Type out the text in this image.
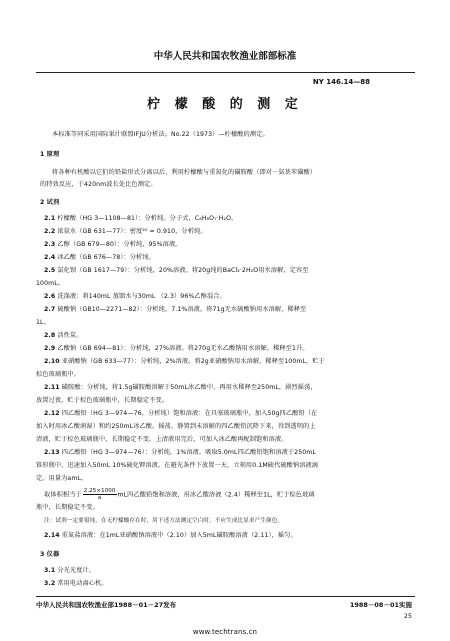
中华人民共和国农牧渔业部部标准
NY 146.14—88
柠 檬 酸 的 测 定
本标准等同采用国际果汁联盟IFJU分析法。No.22（1973）—柠檬酸的测定。
1 原理
将各种有机酸以它们的铅盐形式分离以后，利用柠檬酸与重氮化的磺胺酸（即对－氨基苯磺酸）
的特效反应，于420nm波长处比色测定。
2 试剂
2.1 柠檬酸（HG 3—1108—81）：分析纯。分子式，C₆H₈O₇·H₂O。
2.2 浓氨水（GB 631—77）：密度²⁰ = 0.910，分析纯。
2.3 乙醇（GB 679—80）：分析纯，95%溶液。
2.4 冰乙酸（GB 676—78）：分析纯。
2.5 氯化钡（GB 1617—79）：分析纯，20%溶液。将20g纯的BaCl₂·2H₂O用水溶解，定容至
100mL。
2.6 洗涤液：将140mL 蒸馏水与30mL （2.3）96%乙醇混合。
2.7 硫酸钠（GB10—2271—82）：分析纯，7.1%溶液。将71g无水硫酸钠用水溶解，稀释至
1L。
2.8 活性炭。
2.9 乙酸钠（GB 694—81）：分析纯，27%溶液。将270g无水乙酸钠用水溶解，稀释至1升。
2.10 亚硝酸钠（GB 633—77）：分析纯，2%溶液。将2g亚硝酸钠用水溶解，稀释至100mL，贮于
棕色玻璃瓶中。
2.11 磺胺酸：分析纯，将1.5g磺胺酸溶解于50mL冰乙酸中，再用水稀释至250mL，剧烈摇荡，
放置过夜，贮于棕色玻璃瓶中，长期稳定不变。
2.12 四乙酸铅（HG 3—974—76，分析纯）饱和溶液：在具塞玻璃瓶中，加入50g四乙酸铅（在
加入时用冰乙酸润湿）和约250mL冰乙酸。摇荡，静置到未溶解的四乙酸铅沉降下来，得到透明的上
清液，贮于棕色玻璃瓶中，长期稳定不变。上清液用完后，可加入冰乙酸再配制饱和溶液。
2.13 四乙酸铅（HG 3—974—76）：分析纯，1%溶液。吸取5.0mL四乙酸铅饱和溶液于250mL
锥形瓶中，迅速加入50mL 10%硫化钾溶液。在避光条件下放置一天，立刻用0.1M硫代硫酸钠溶液滴
定。用量为amL。
取体积相当于 $\frac{2.25\times 1000}{a}$ mL四乙酸铅饱和溶液，用冰乙酸溶液（2.4）稀释至1L，贮于棕色玻璃
瓶中，长期稳定不变。
注：试剂一定要很纯，在无柠檬酸存在时，用下述方法测定空白时，不应生成比显求产生颜色。
2.14 重氮盐溶液：在1mL亚硝酸钠溶液中（2.10）加入5mL磺胺酸溶液（2.11），摇匀。
3 仪器
3.1 分光光度计。
3.2 常用电动离心机。
中华人民共和国农牧渔业部1988－01－27发布	1988－08－01实施
25
www.techtrans.cn
